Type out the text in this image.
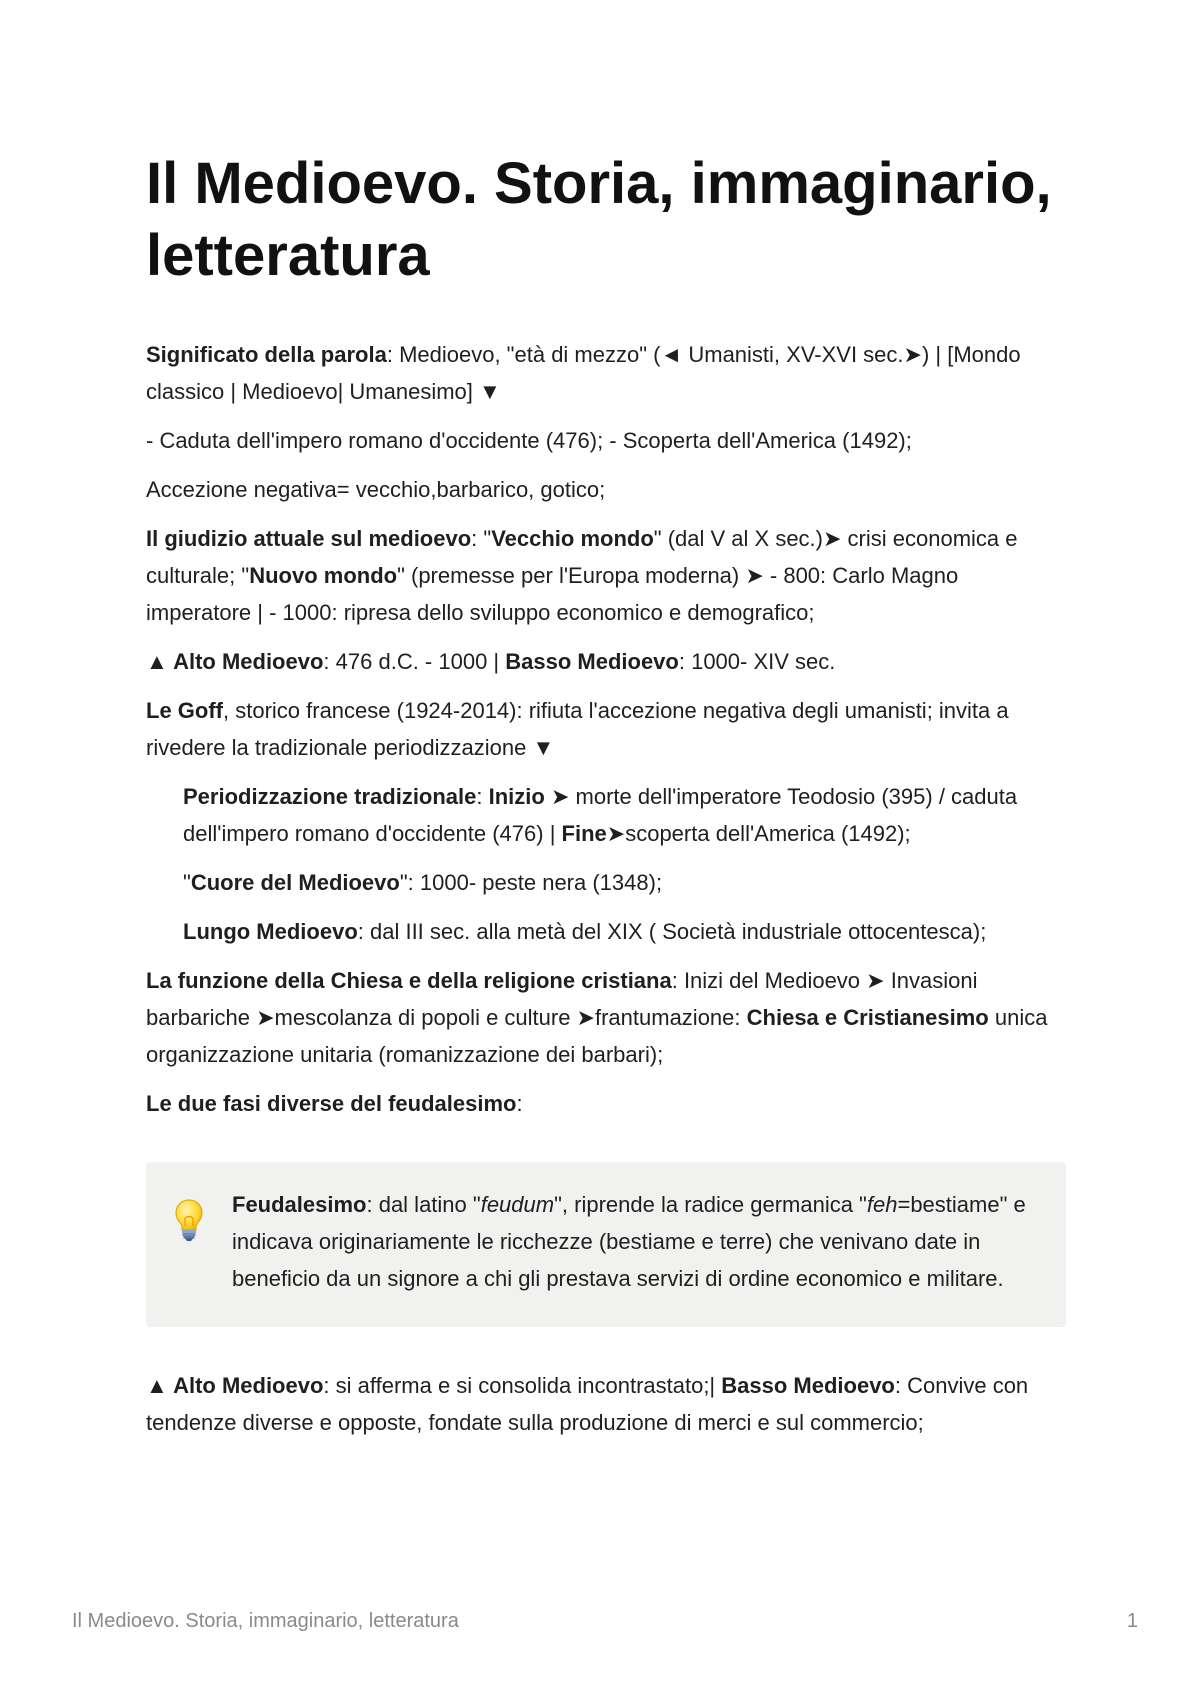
Il Medioevo. Storia, immaginario, letteratura

Significato della parola: Medioevo, "età di mezzo" (◄ Umanisti, XV-XVI sec.➤) | [Mondo classico | Medioevo| Umanesimo] ▼

- Caduta dell'impero romano d'occidente (476); - Scoperta dell'America (1492);

Accezione negativa= vecchio,barbarico, gotico;

Il giudizio attuale sul medioevo: "Vecchio mondo" (dal V al X sec.)➤ crisi economica e culturale; "Nuovo mondo" (premesse per l'Europa moderna) ➤ - 800: Carlo Magno imperatore | - 1000: ripresa dello sviluppo economico e demografico;

▲ Alto Medioevo: 476 d.C. - 1000 | Basso Medioevo: 1000- XIV sec.

Le Goff, storico francese (1924-2014): rifiuta l'accezione negativa degli umanisti; invita a rivedere la tradizionale periodizzazione ▼

Periodizzazione tradizionale: Inizio ➤ morte dell'imperatore Teodosio (395) / caduta dell'impero romano d'occidente (476) | Fine➤scoperta dell'America (1492);

"Cuore del Medioevo": 1000- peste nera (1348);

Lungo Medioevo: dal III sec. alla metà del XIX ( Società industriale ottocentesca);

La funzione della Chiesa e della religione cristiana: Inizi del Medioevo ➤ Invasioni barbariche ➤mescolanza di popoli e culture ➤frantumazione: Chiesa e Cristianesimo unica organizzazione unitaria (romanizzazione dei barbari);

Le due fasi diverse del feudalesimo:

Feudalesimo: dal latino "feudum", riprende la radice germanica "feh=bestiame" e indicava originariamente le ricchezze (bestiame e terre) che venivano date in beneficio da un signore a chi gli prestava servizi di ordine economico e militare.

▲ Alto Medioevo: si afferma e si consolida incontrastato;| Basso Medioevo: Convive con tendenze diverse e opposte, fondate sulla produzione di merci e sul commercio;

Il Medioevo. Storia, immaginario, letteratura	1
